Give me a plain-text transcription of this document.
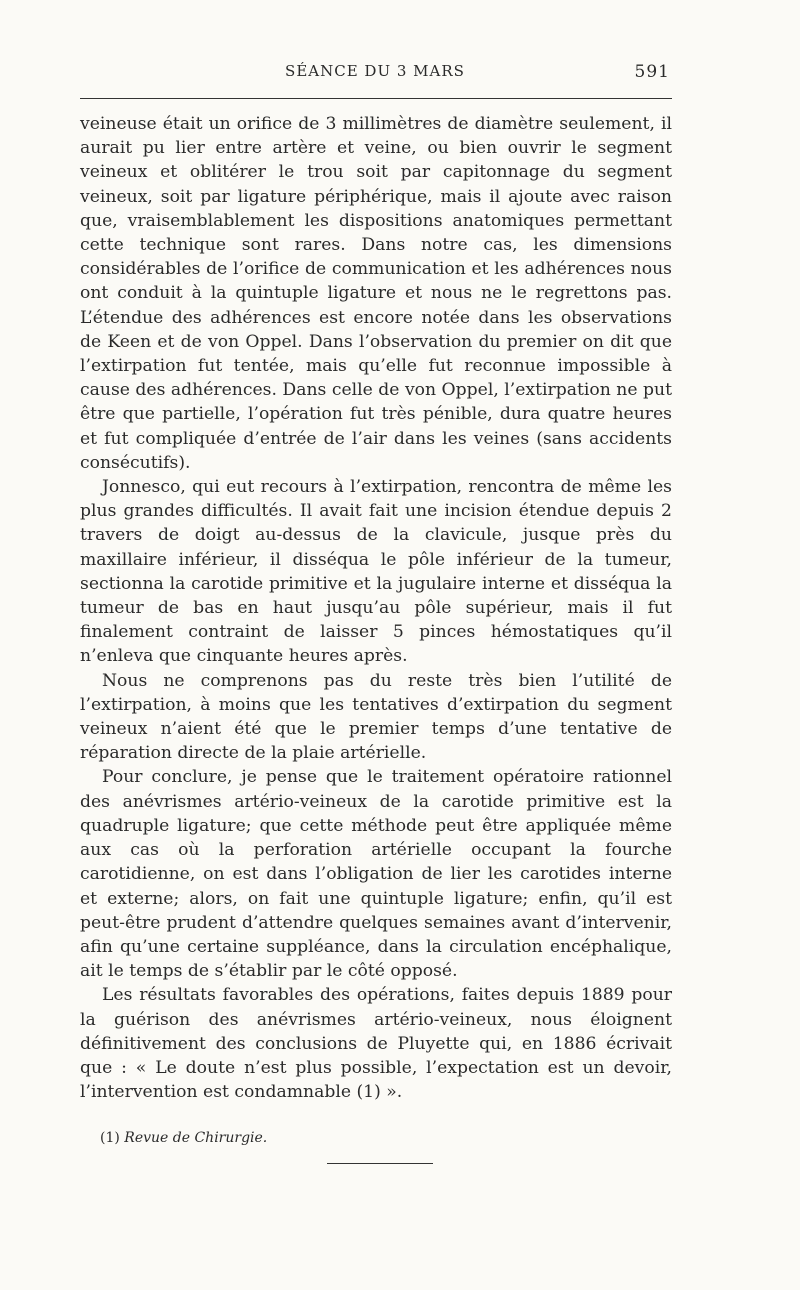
SÉANCE DU 3 MARS	591

veineuse était un orifice de 3 millimètres de diamètre seulement, il aurait pu lier entre artère et veine, ou bien ouvrir le segment veineux et oblitérer le trou soit par capitonnage du segment veineux, soit par ligature périphérique, mais il ajoute avec raison que, vraisemblablement les dispositions anatomiques permettant cette technique sont rares. Dans notre cas, les dimensions considérables de l’orifice de communication et les adhérences nous ont conduit à la quintuple ligature et nous ne le regrettons pas. L’étendue des adhérences est encore notée dans les observations de Keen et de von Oppel. Dans l’observation du premier on dit que l’extirpation fut tentée, mais qu’elle fut reconnue impossible à cause des adhérences. Dans celle de von Oppel, l’extirpation ne put être que partielle, l’opération fut très pénible, dura quatre heures et fut compliquée d’entrée de l’air dans les veines (sans accidents consécutifs).

Jonnesco, qui eut recours à l’extirpation, rencontra de même les plus grandes difficultés. Il avait fait une incision étendue depuis 2 travers de doigt au-dessus de la clavicule, jusque près du maxillaire inférieur, il disséqua le pôle inférieur de la tumeur, sectionna la carotide primitive et la jugulaire interne et disséqua la tumeur de bas en haut jusqu’au pôle supérieur, mais il fut finalement contraint de laisser 5 pinces hémostatiques qu’il n’enleva que cinquante heures après.

Nous ne comprenons pas du reste très bien l’utilité de l’extirpation, à moins que les tentatives d’extirpation du segment veineux n’aient été que le premier temps d’une tentative de réparation directe de la plaie artérielle.

Pour conclure, je pense que le traitement opératoire rationnel des anévrismes artério-veineux de la carotide primitive est la quadruple ligature; que cette méthode peut être appliquée même aux cas où la perforation artérielle occupant la fourche carotidienne, on est dans l’obligation de lier les carotides interne et externe; alors, on fait une quintuple ligature; enfin, qu’il est peut-être prudent d’attendre quelques semaines avant d’intervenir, afin qu’une certaine suppléance, dans la circulation encéphalique, ait le temps de s’établir par le côté opposé.

Les résultats favorables des opérations, faites depuis 1889 pour la guérison des anévrismes artério-veineux, nous éloignent définitivement des conclusions de Pluyette qui, en 1886 écrivait que : « Le doute n’est plus possible, l’expectation est un devoir, l’intervention est condamnable (1) ».

(1) Revue de Chirurgie.
